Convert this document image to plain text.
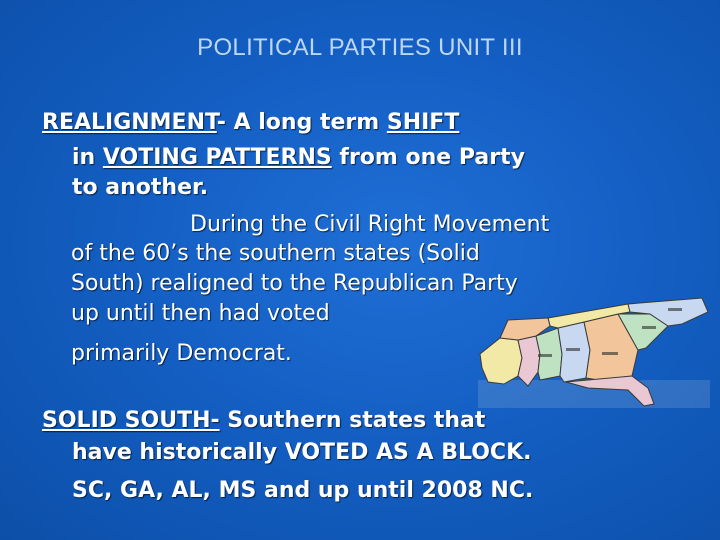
POLITICAL PARTIES UNIT III
REALIGNMENT- A long term SHIFT
in VOTING PATTERNS from one Party
to another.
During the Civil Right Movement
of the 60’s the southern states (Solid
South) realigned to the Republican Party
up until then had voted
primarily Democrat.
SOLID SOUTH- Southern states that
have historically VOTED AS A BLOCK.
SC, GA, AL, MS and up until 2008 NC.
